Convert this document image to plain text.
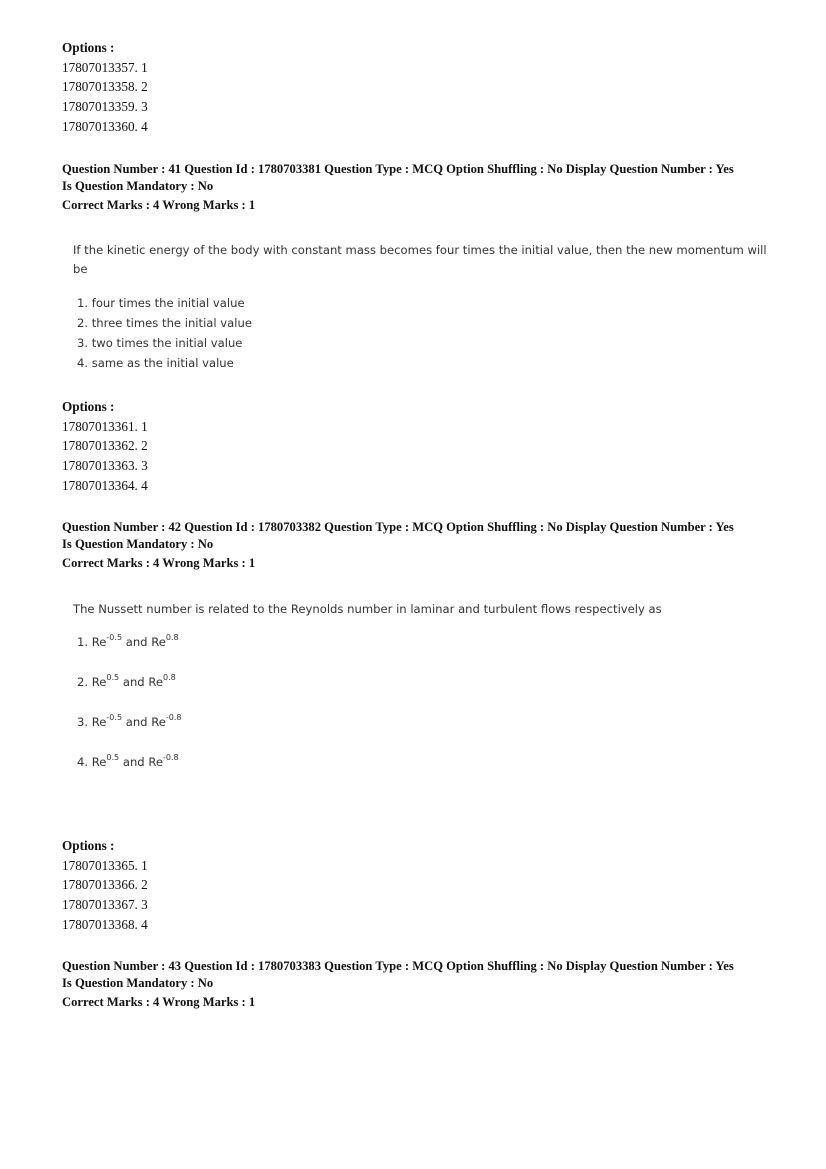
Options :
17807013357. 1
17807013358. 2
17807013359. 3
17807013360. 4
Question Number : 41 Question Id : 1780703381 Question Type : MCQ Option Shuffling : No Display Question Number : Yes
Is Question Mandatory : No
Correct Marks : 4 Wrong Marks : 1
If the kinetic energy of the body with constant mass becomes four times the initial value, then the new momentum will
be
1. four times the initial value
2. three times the initial value
3. two times the initial value
4. same as the initial value
Options :
17807013361. 1
17807013362. 2
17807013363. 3
17807013364. 4
Question Number : 42 Question Id : 1780703382 Question Type : MCQ Option Shuffling : No Display Question Number : Yes
Is Question Mandatory : No
Correct Marks : 4 Wrong Marks : 1
The Nussett number is related to the Reynolds number in laminar and turbulent flows respectively as
1. $Re^{-0.5}$ and $Re^{0.8}$
2. $Re^{0.5}$ and $Re^{0.8}$
3. $Re^{-0.5}$ and $Re^{-0.8}$
4. $Re^{0.5}$ and $Re^{-0.8}$
Options :
17807013365. 1
17807013366. 2
17807013367. 3
17807013368. 4
Question Number : 43 Question Id : 1780703383 Question Type : MCQ Option Shuffling : No Display Question Number : Yes
Is Question Mandatory : No
Correct Marks : 4 Wrong Marks : 1
